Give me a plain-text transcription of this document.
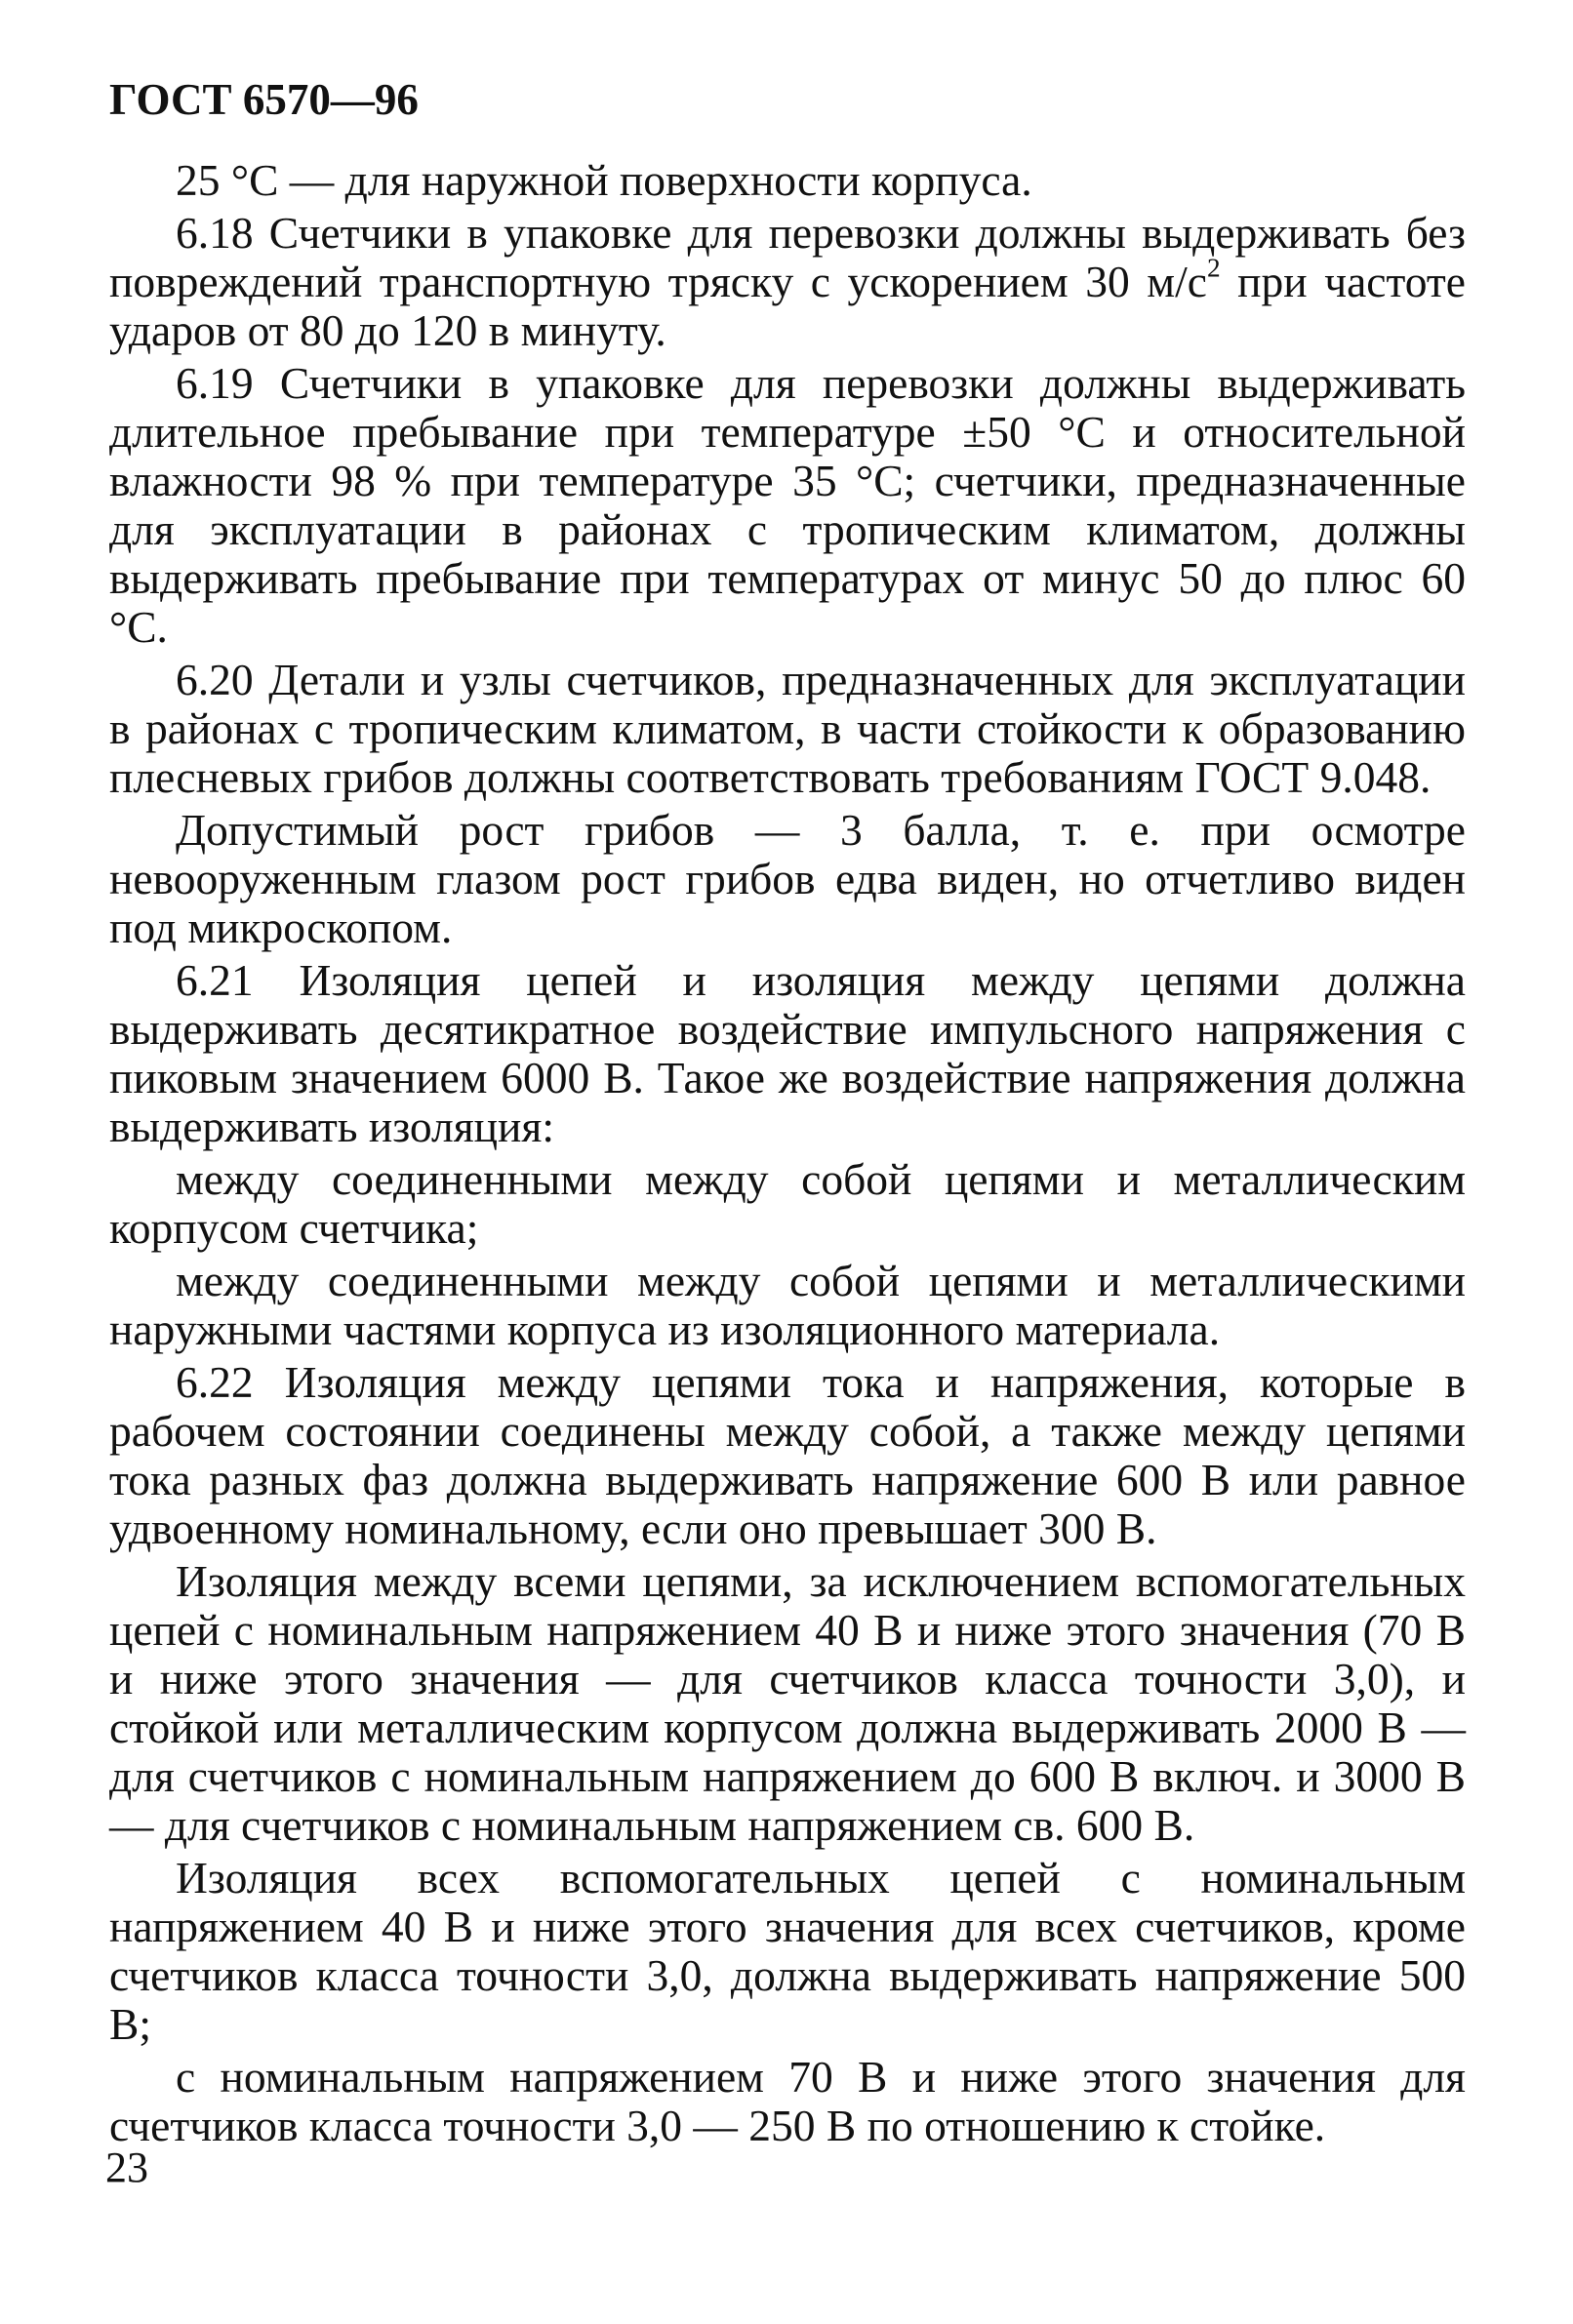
ГОСТ 6570—96

25 °С — для наружной поверхности корпуса.

6.18 Счетчики в упаковке для перевозки должны выдерживать без повреждений транспортную тряску с ускорением 30 $м/с^2$ при частоте ударов от 80 до 120 в минуту.

6.19 Счетчики в упаковке для перевозки должны выдерживать длительное пребывание при температуре ±50 °С и относительной влажности 98 % при температуре 35 °С; счетчики, предназначенные для эксплуатации в районах с тропическим климатом, должны выдерживать пребывание при температурах от минус 50 до плюс 60 °С.

6.20 Детали и узлы счетчиков, предназначенных для эксплуатации в районах с тропическим климатом, в части стойкости к образованию плесневых грибов должны соответствовать требованиям ГОСТ 9.048.

Допустимый рост грибов — 3 балла, т. е. при осмотре невооруженным глазом рост грибов едва виден, но отчетливо виден под микроскопом.

6.21 Изоляция цепей и изоляция между цепями должна выдерживать десятикратное воздействие импульсного напряжения с пиковым значением 6000 В. Такое же воздействие напряжения должна выдерживать изоляция:

между соединенными между собой цепями и металлическим корпусом счетчика;

между соединенными между собой цепями и металлическими наружными частями корпуса из изоляционного материала.

6.22 Изоляция между цепями тока и напряжения, которые в рабочем состоянии соединены между собой, а также между цепями тока разных фаз должна выдерживать напряжение 600 В или равное удвоенному номинальному, если оно превышает 300 В.

Изоляция между всеми цепями, за исключением вспомогательных цепей с номинальным напряжением 40 В и ниже этого значения (70 В и ниже этого значения — для счетчиков класса точности 3,0), и стойкой или металлическим корпусом должна выдерживать 2000 В — для счетчиков с номинальным напряжением до 600 В включ. и 3000 В — для счетчиков с номинальным напряжением св. 600 В.

Изоляция всех вспомогательных цепей с номинальным напряжением 40 В и ниже этого значения для всех счетчиков, кроме счетчиков класса точности 3,0, должна выдерживать напряжение 500 В;

с номинальным напряжением 70 В и ниже этого значения для счетчиков класса точности 3,0 — 250 В по отношению к стойке.

23
